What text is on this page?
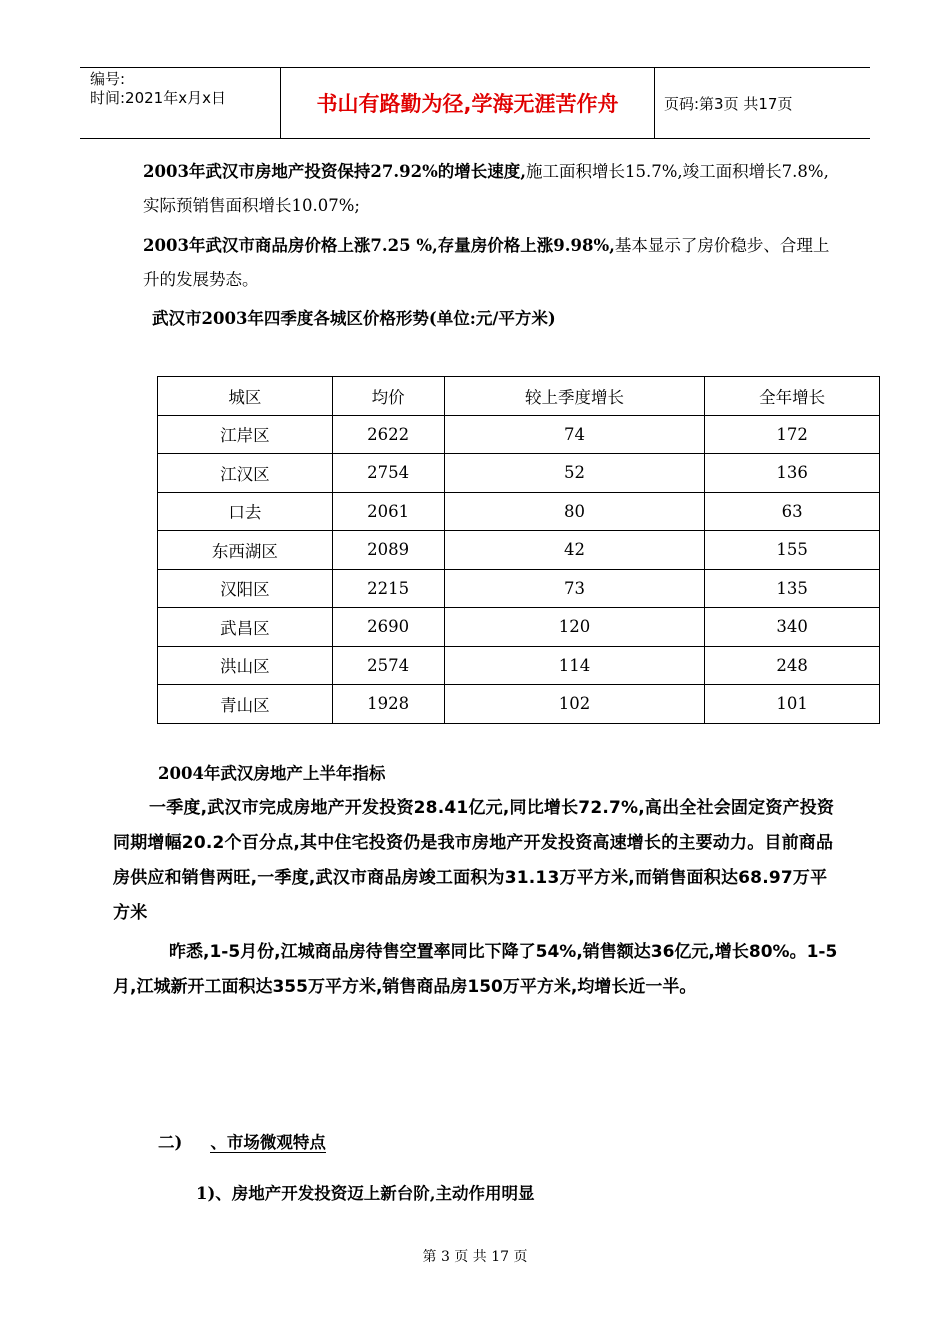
编号:
时间:2021年x月x日	书山有路勤为径,学海无涯苦作舟	页码:第3页 共17页

2003年武汉市房地产投资保持27.92%的增长速度,施工面积增长15.7%,竣工面积增长7.8%,实际预销售面积增长10.07%;

2003年武汉市商品房价格上涨7.25 %,存量房价格上涨9.98%,基本显示了房价稳步、合理上升的发展势态。

武汉市2003年四季度各城区价格形势(单位:元/平方米)

城区	均价	较上季度增长	全年增长
江岸区	2622	74	172
江汉区	2754	52	136
口去	2061	80	63
东西湖区	2089	42	155
汉阳区	2215	73	135
武昌区	2690	120	340
洪山区	2574	114	248
青山区	1928	102	101

2004年武汉房地产上半年指标

一季度,武汉市完成房地产开发投资28.41亿元,同比增长72.7%,高出全社会固定资产投资同期增幅20.2个百分点,其中住宅投资仍是我市房地产开发投资高速增长的主要动力。目前商品房供应和销售两旺,一季度,武汉市商品房竣工面积为31.13万平方米,而销售面积达68.97万平方米

昨悉,1-5月份,江城商品房待售空置率同比下降了54%,销售额达36亿元,增长80%。1-5月,江城新开工面积达355万平方米,销售商品房150万平方米,均增长近一半。

二) 、市场微观特点

1)、房地产开发投资迈上新台阶,主动作用明显

第 3 页 共 17 页
